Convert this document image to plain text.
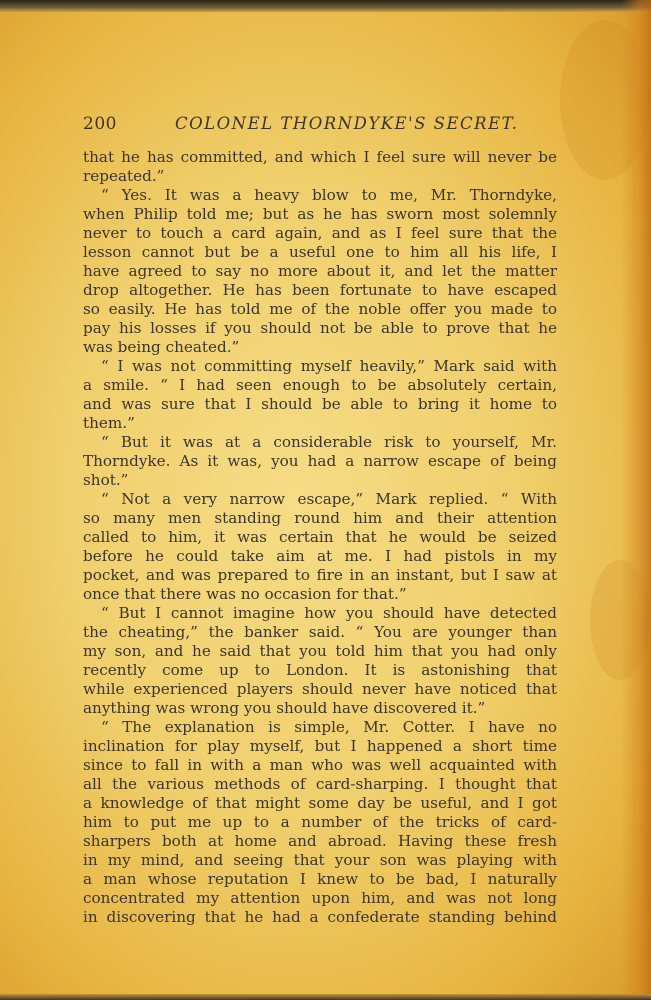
200	COLONEL THORNDYKE'S SECRET.
that he has committed, and which I feel sure will never be
repeated.”
“ Yes. It was a heavy blow to me, Mr. Thorndyke,
when Philip told me; but as he has sworn most solemnly
never to touch a card again, and as I feel sure that the
lesson cannot but be a useful one to him all his life, I
have agreed to say no more about it, and let the matter
drop altogether. He has been fortunate to have escaped
so easily. He has told me of the noble offer you made to
pay his losses if you should not be able to prove that he
was being cheated.”
“ I was not committing myself heavily,” Mark said with
a smile. “ I had seen enough to be absolutely certain,
and was sure that I should be able to bring it home to
them.”
“ But it was at a considerable risk to yourself, Mr.
Thorndyke. As it was, you had a narrow escape of being
shot.”
“ Not a very narrow escape,” Mark replied. “ With
so many men standing round him and their attention
called to him, it was certain that he would be seized
before he could take aim at me. I had pistols in my
pocket, and was prepared to fire in an instant, but I saw at
once that there was no occasion for that.”
“ But I cannot imagine how you should have detected
the cheating,” the banker said. “ You are younger than
my son, and he said that you told him that you had only
recently come up to London. It is astonishing that
while experienced players should never have noticed that
anything was wrong you should have discovered it.”
“ The explanation is simple, Mr. Cotter. I have no
inclination for play myself, but I happened a short time
since to fall in with a man who was well acquainted with
all the various methods of card-sharping. I thought that
a knowledge of that might some day be useful, and I got
him to put me up to a number of the tricks of card-
sharpers both at home and abroad. Having these fresh
in my mind, and seeing that your son was playing with
a man whose reputation I knew to be bad, I naturally
concentrated my attention upon him, and was not long
in discovering that he had a confederate standing behind
